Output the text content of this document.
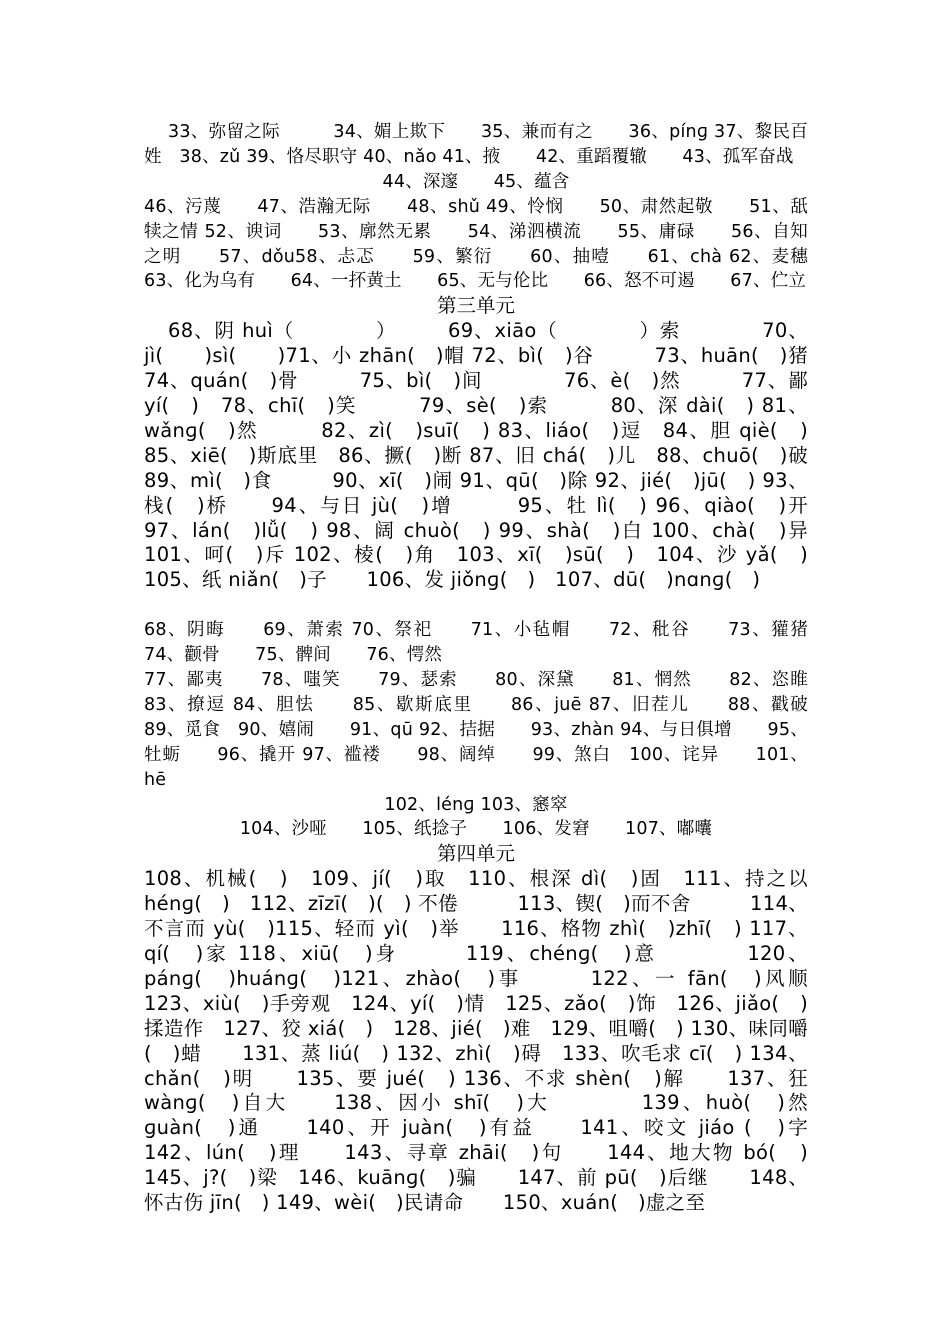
33、弥留之际　　　34、媚上欺下　　35、兼而有之　　36、pínɡ 37、黎民百姓　38、zǔ 39、恪尽职守 40、nǎo 41、掖　　42、重蹈覆辙　　43、孤军奋战

44、深邃　　45、蕴含

46、污蔑　　47、浩瀚无际　　48、shǔ 49、怜悯　　50、肃然起敬　　51、舐犊之情 52、谀词　　53、廓然无累　　54、涕泗横流　　55、庸碌　　56、自知之明　　57、dǒu58、忐忑　　59、繁衍　　60、抽噎　　61、chà 62、麦穗　　63、化为乌有　　64、一抔黄土　　65、无与伦比　　66、怒不可遏　　67、伫立

第三单元

68、阴 huì（　　　　）　　　69、xiāo（　　　　）索　　　　70、jì(　　)sì(　　)71、小 zhān(　)帽 72、bì(　)谷　　　73、huān(　)猪　　　74、quán(　)骨　　　75、bì(　)间　　　　76、è(　)然　　　77、鄙 yí(　)　78、chī(　)笑　　　79、sè(　)索　　　80、深 dài(　) 81、wǎnɡ(　)然　　　82、zì(　)suī(　) 83、liáo(　)逗　84、胆 qiè(　)　　85、xiē(　)斯底里　86、撅(　)断 87、旧 chá(　)儿　88、chuō(　)破　　89、mì(　)食　　　90、xī(　)闹 91、qū(　)除 92、jié(　)jū(　) 93、栈(　)桥　　94、与日 jù(　)增　　　95、牡 lì(　) 96、qiào(　)开　　97、lán(　)lǚ(　) 98、阔 chuò(　) 99、shà(　)白 100、chà(　)异　　　101、呵(　)斥 102、棱(　)角　103、xī(　)sū(　)　104、沙 yǎ(　)　105、纸 niǎn(　)子　　106、发 jiǒnɡ(　)　107、dū(　)nɑnɡ(　)

68、阴晦　　69、萧索 70、祭祀　　71、小毡帽　　72、秕谷　　73、獾猪　　74、颧骨　　75、髀间　　76、愕然

77、鄙夷　　78、嗤笑　　79、瑟索　　80、深黛　　81、惘然　　82、恣睢　83、撩逗 84、胆怯　　85、歇斯底里　　86、juē 87、旧茬儿　　88、戳破　　89、觅食　90、嬉闹　　91、qū 92、拮据　　93、zhàn 94、与日俱增　　95、牡蛎　　96、撬开 97、褴褛　　98、阔绰　　99、煞白　100、诧异　　101、hē

102、lénɡ 103、窸窣

104、沙哑　　105、纸捻子　　106、发窘　　107、嘟囔

第四单元

108、机械(　)　109、jí(　)取　110、根深 dì(　)固　111、持之以 hénɡ(　)　112、zīzī(　)(　) 不倦　　　113、锲(　)而不舍　　　114、不言而 yù(　)115、轻而 yì(　)举　　116、格物 zhì(　)zhī(　) 117、qí(　)家 118、xiū(　)身　　　119、chénɡ(　)意　　　　120、pánɡ(　)huánɡ(　)121、zhào(　)事　　　122、一 fān(　)风顺　　　123、xiù(　)手旁观　124、yí(　)情　125、zǎo(　)饰　126、jiǎo(　)揉造作　127、狡 xiá(　)　128、jié(　)难　129、咀嚼(　) 130、味同嚼(　)蜡　　131、蒸 liú(　) 132、zhì(　)碍　133、吹毛求 cī(　) 134、chǎn(　)明　　135、要 jué(　) 136、不求 shèn(　)解　　137、狂 wànɡ(　)自大　　138、因小 shī(　)大　　　　139、huò(　)然ɡuàn(　)通　　140、开 juàn(　)有益　　141、咬文 jiáo (　)字　142、lún(　)理　　143、寻章 zhāi(　)句　　144、地大物 bó(　) 145、j?(　)梁　146、kuānɡ(　)骗　　147、前 pū(　)后继　　148、怀古伤 jīn(　) 149、wèi(　)民请命　　150、xuán(　)虚之至
